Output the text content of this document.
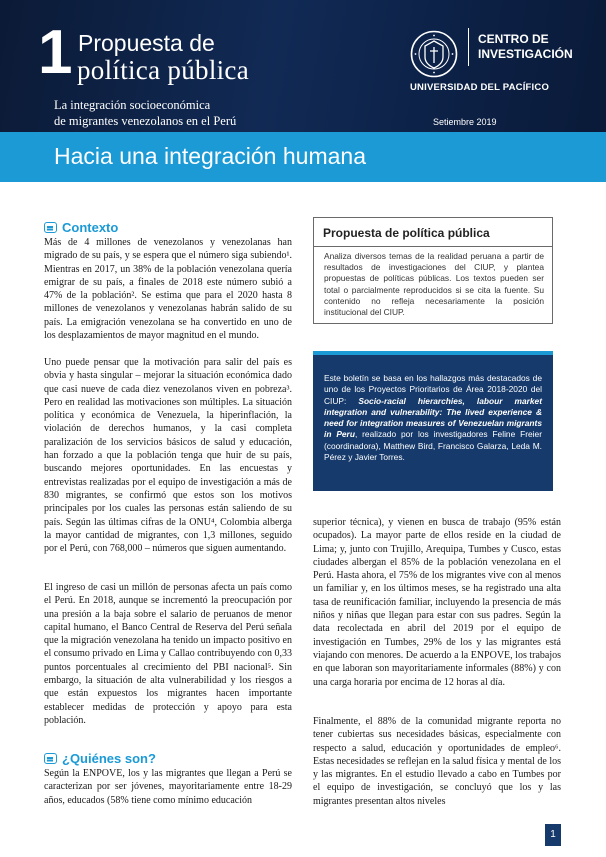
1 Propuesta de
política pública
La integración socioeconómica
de migrantes venezolanos en el Perú
CENTRO DE
INVESTIGACIÓN
UNIVERSIDAD DEL PACÍFICO
Setiembre 2019
Hacia una integración humana
Contexto
Más de 4 millones de venezolanos y venezolanas han migrado de su país, y se espera que el número siga subiendo¹. Mientras en 2017, un 38% de la población venezolana quería emigrar de su país, a finales de 2018 este número subió a 47% de la población². Se estima que para el 2020 hasta 8 millones de venezolanos y venezolanas habrán salido de su país. La emigración venezolana se ha convertido en uno de los desplazamientos de mayor magnitud en el mundo.
Uno puede pensar que la motivación para salir del país es obvia y hasta singular – mejorar la situación económica dado que casi nueve de cada diez venezolanos viven en pobreza³. Pero en realidad las motivaciones son múltiples. La situación política y económica de Venezuela, la hiperinflación, la violación de derechos humanos, y la casi completa paralización de los servicios básicos de salud y educación, han forzado a que la población tenga que huir de su país, buscando mejores oportunidades. En las encuestas y entrevistas realizadas por el equipo de investigación a más de 830 migrantes, se confirmó que estos son los motivos principales por los cuales las personas están saliendo de su país. Según las últimas cifras de la ONU⁴, Colombia alberga la mayor cantidad de migrantes, con 1,3 millones, seguido por el Perú, con 768,000 – números que siguen aumentando.
El ingreso de casi un millón de personas afecta un país como el Perú. En 2018, aunque se incrementó la preocupación por una presión a la baja sobre el salario de peruanos de menor capital humano, el Banco Central de Reserva del Perú señala que la migración venezolana ha tenido un impacto positivo en el consumo privado en Lima y Callao contribuyendo con 0,33 puntos porcentuales al crecimiento del PBI nacional⁵. Sin embargo, la situación de alta vulnerabilidad y los riesgos a que están expuestos los migrantes hacen importante establecer medidas de protección y apoyo para esta población.
¿Quiénes son?
Según la ENPOVE, los y las migrantes que llegan a Perú se caracterizan por ser jóvenes, mayoritariamente entre 18-29 años, educados (58% tiene como mínimo educación
Propuesta de política pública
Analiza diversos temas de la realidad peruana a partir de resultados de investigaciones del CIUP, y plantea propuestas de políticas públicas. Los textos pueden ser total o parcialmente reproducidos si se cita la fuente. Su contenido no refleja necesariamente la posición institucional del CIUP.
Este boletín se basa en los hallazgos más destacados de uno de los Proyectos Prioritarios de Área 2018-2020 del CIUP: Socio-racial hierarchies, labour market integration and vulnerability: The lived experience & need for integration measures of Venezuelan migrants in Peru, realizado por los investigadores Feline Freier (coordinadora), Matthew Bird, Francisco Galarza, Leda M. Pérez y Javier Torres.
superior técnica), y vienen en busca de trabajo (95% están ocupados). La mayor parte de ellos reside en la ciudad de Lima; y, junto con Trujillo, Arequipa, Tumbes y Cusco, estas ciudades albergan el 85% de la población venezolana en el Perú. Hasta ahora, el 75% de los migrantes vive con al menos un familiar y, en los últimos meses, se ha registrado una alta tasa de reunificación familiar, incluyendo la presencia de más niños y niñas que llegan para estar con sus padres. Según la data recolectada en abril del 2019 por el equipo de investigación en Tumbes, 29% de los y las migrantes está viajando con menores. De acuerdo a la ENPOVE, los trabajos en que laboran son mayoritariamente informales (88%) y con una carga horaria por encima de 12 horas al día.
Finalmente, el 88% de la comunidad migrante reporta no tener cubiertas sus necesidades básicas, especialmente con respecto a salud, educación y oportunidades de empleo⁶. Estas necesidades se reflejan en la salud física y mental de los y las migrantes. En el estudio llevado a cabo en Tumbes por el equipo de investigación, se concluyó que los y las migrantes presentan altos niveles
1
